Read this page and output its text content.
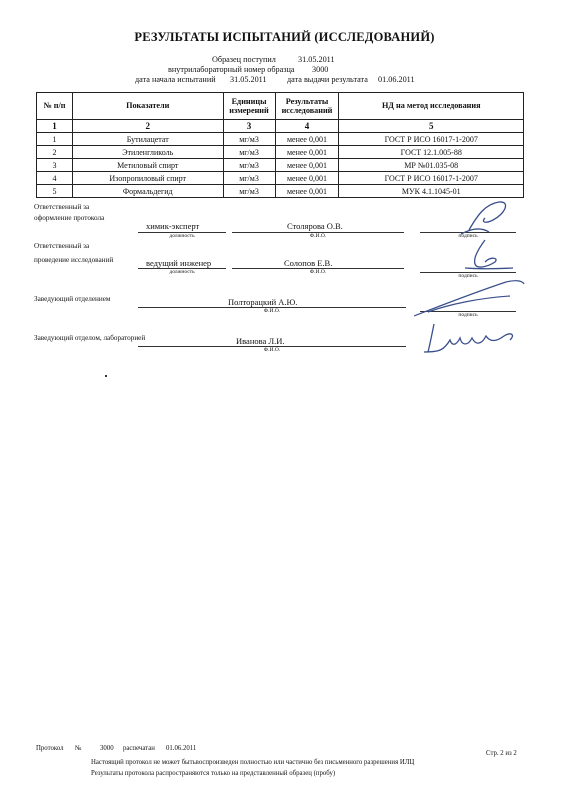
РЕЗУЛЬТАТЫ ИСПЫТАНИЙ (ИССЛЕДОВАНИЙ)
Образец поступил	31.05.2011
внутрилабораторный номер образца 3000
дата начала испытаний 31.05.2011 дата выдачи результата 01.06.2011
№ п/п	Показатели	Единицы измерений	Результаты исследований	НД на метод исследования
1	2	3	4	5
1	Бутилацетат	мг/м3	менее 0,001	ГОСТ Р ИСО 16017-1-2007
2	Этиленгликоль	мг/м3	менее 0,001	ГОСТ 12.1.005-88
3	Метиловый спирт	мг/м3	менее 0,001	МР №01.035-08
4	Изопропиловый спирт	мг/м3	менее 0,001	ГОСТ Р ИСО 16017-1-2007
5	Формальдегид	мг/м3	менее 0,001	МУК 4.1.1045-01
Ответственный за
оформление протокола
химик-эксперт
должность
Столярова О.В.
Ф.И.О.	подпись
Ответственный за
проведение исследований	ведущий инженер
должность
Солопов Е.В.
Ф.И.О.
подпись
Заведующий отделением	Полторацкий А.Ю.
Ф.И.О.
подпись
Заведующий отделом, лабораторией	Иванова Л.И.
Ф.И.О.
Протокол №	3000 распечатан 01.06.2011
Стр. 2 из 2
Настоящий протокол не может бытьвоспроизведен полностью или частично без письменного разрешения ИЛЦ
Результаты протокола распространяются только на представленный образец (пробу)
